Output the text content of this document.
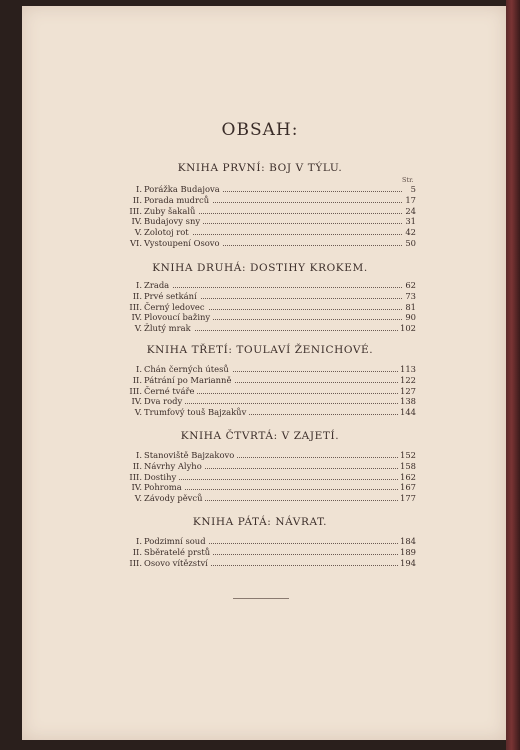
OBSAH:
Str.
KNIHA PRVNÍ: BOJ V TÝLU.
I. Porážka Budajova	5
II. Porada mudrců	17
III. Zuby šakalů	24
IV. Budajovy sny	31
V. Zolotoj rot	42
VI. Vystoupení Osovo	50
KNIHA DRUHÁ: DOSTIHY KROKEM.
I. Zrada	62
II. Prvé setkání	73
III. Černý ledovec	81
IV. Plovoucí bažiny	90
V. Žlutý mrak	102
KNIHA TŘETÍ: TOULAVÍ ŽENICHOVÉ.
I. Chán černých útesů	113
II. Pátrání po Marianně	122
III. Černé tváře	127
IV. Dva rody	138
V. Trumfový touš Bajzakův	144
KNIHA ČTVRTÁ: V ZAJETÍ.
I. Stanoviště Bajzakovo	152
II. Návrhy Alyho	158
III. Dostihy	162
IV. Pohroma	167
V. Závody pěvců	177
KNIHA PÁTÁ: NÁVRAT.
I. Podzimní soud	184
II. Sběratelé prstů	189
III. Osovo vítězství	194
